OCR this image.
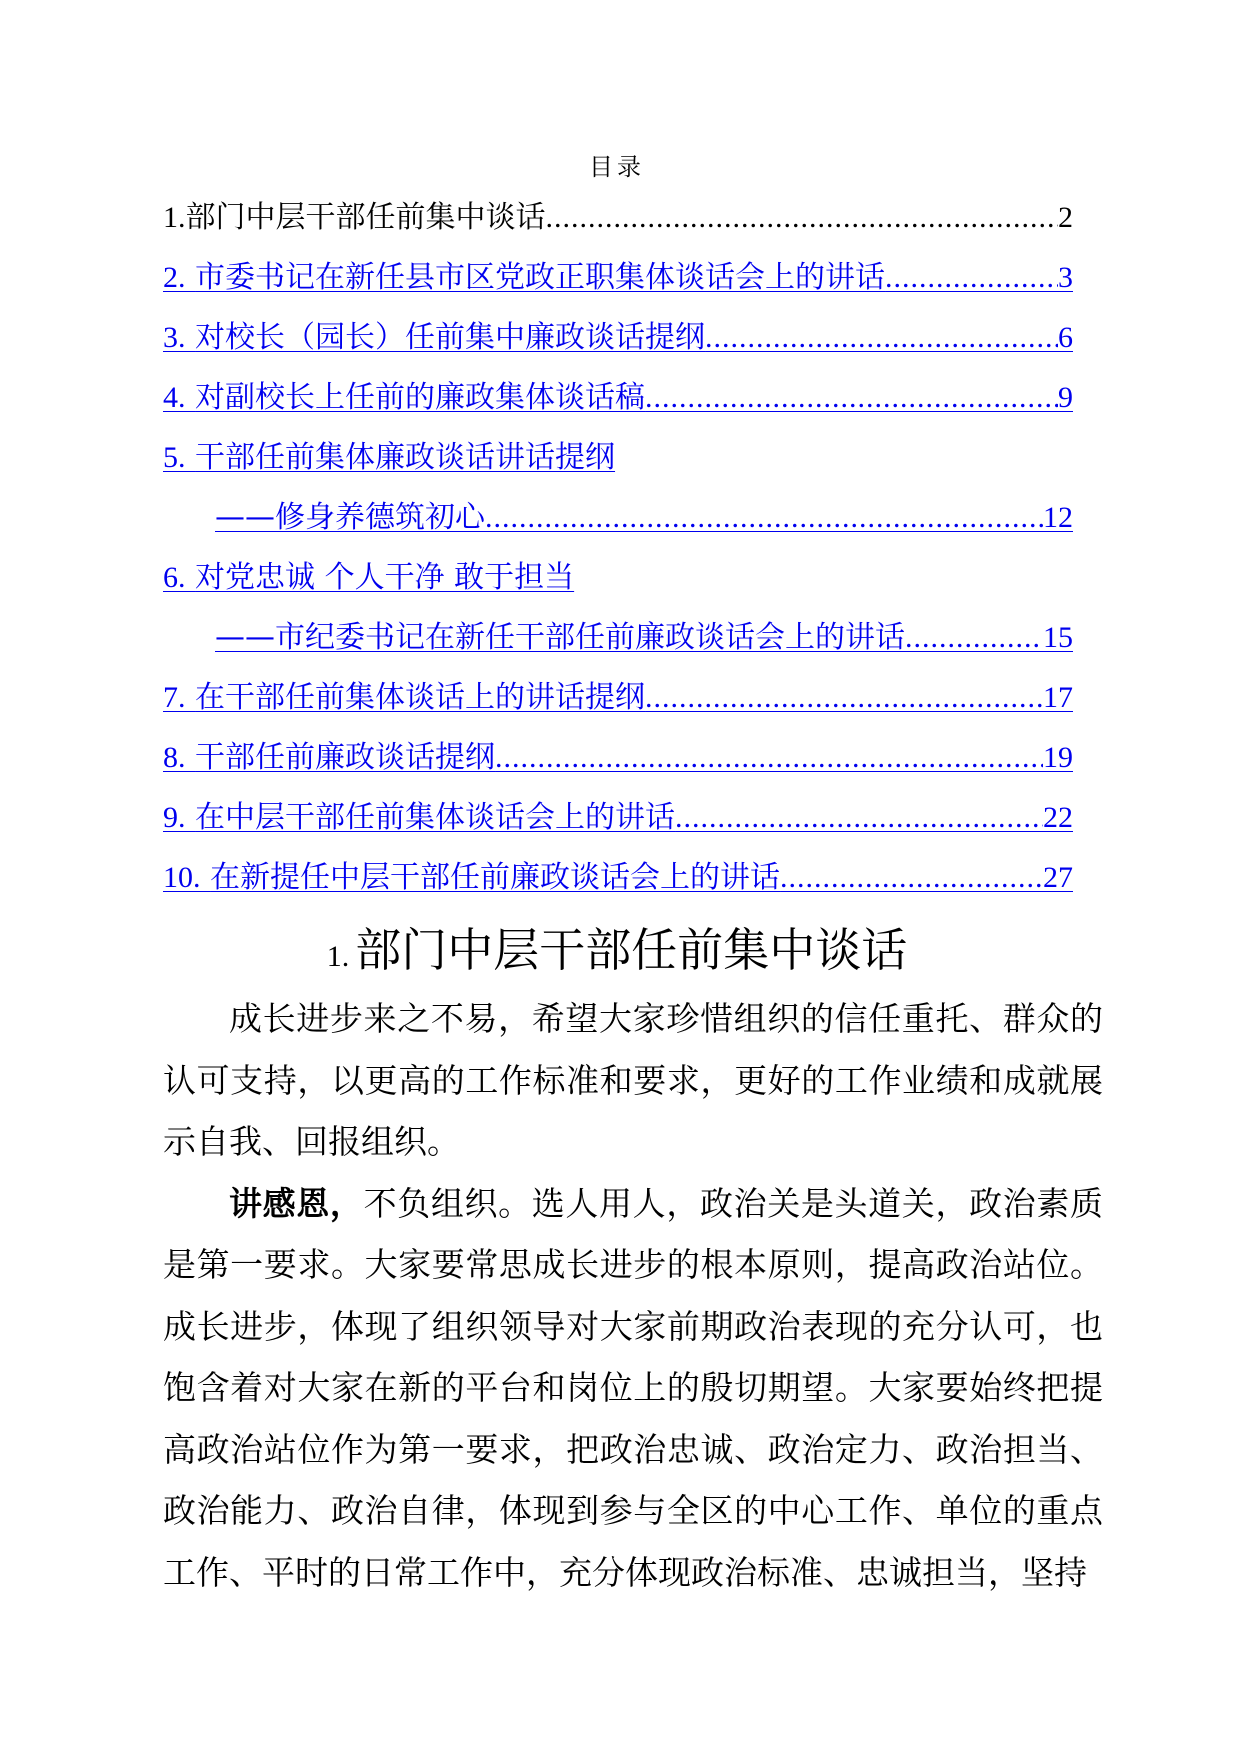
目录
1. 部门中层干部任前集中谈话 .....	2
2. 市委书记在新任县市区党政正职集体谈话会上的讲话 .....	3
3. 对校长（园长）任前集中廉政谈话提纲 .....	6
4. 对副校长上任前的廉政集体谈话稿 .....	9
5. 干部任前集体廉政谈话讲话提纲
——修身养德筑初心 .....	12
6. 对党忠诚 个人干净 敢于担当
——市纪委书记在新任干部任前廉政谈话会上的讲话 .....	15
7. 在干部任前集体谈话上的讲话提纲 .....	17
8. 干部任前廉政谈话提纲 .....	19
9. 在中层干部任前集体谈话会上的讲话 .....	22
10. 在新提任中层干部任前廉政谈话会上的讲话 .....	27
1. 部门中层干部任前集中谈话

成长进步来之不易，希望大家珍惜组织的信任重托、群众的认可支持，以更高的工作标准和要求，更好的工作业绩和成就展示自我、回报组织。

讲感恩，不负组织。选人用人，政治关是头道关，政治素质是第一要求。大家要常思成长进步的根本原则，提高政治站位。成长进步，体现了组织领导对大家前期政治表现的充分认可，也饱含着对大家在新的平台和岗位上的殷切期望。大家要始终把提高政治站位作为第一要求，把政治忠诚、政治定力、政治担当、政治能力、政治自律，体现到参与全区的中心工作、单位的重点工作、平时的日常工作中，充分体现政治标准、忠诚担当，坚持
